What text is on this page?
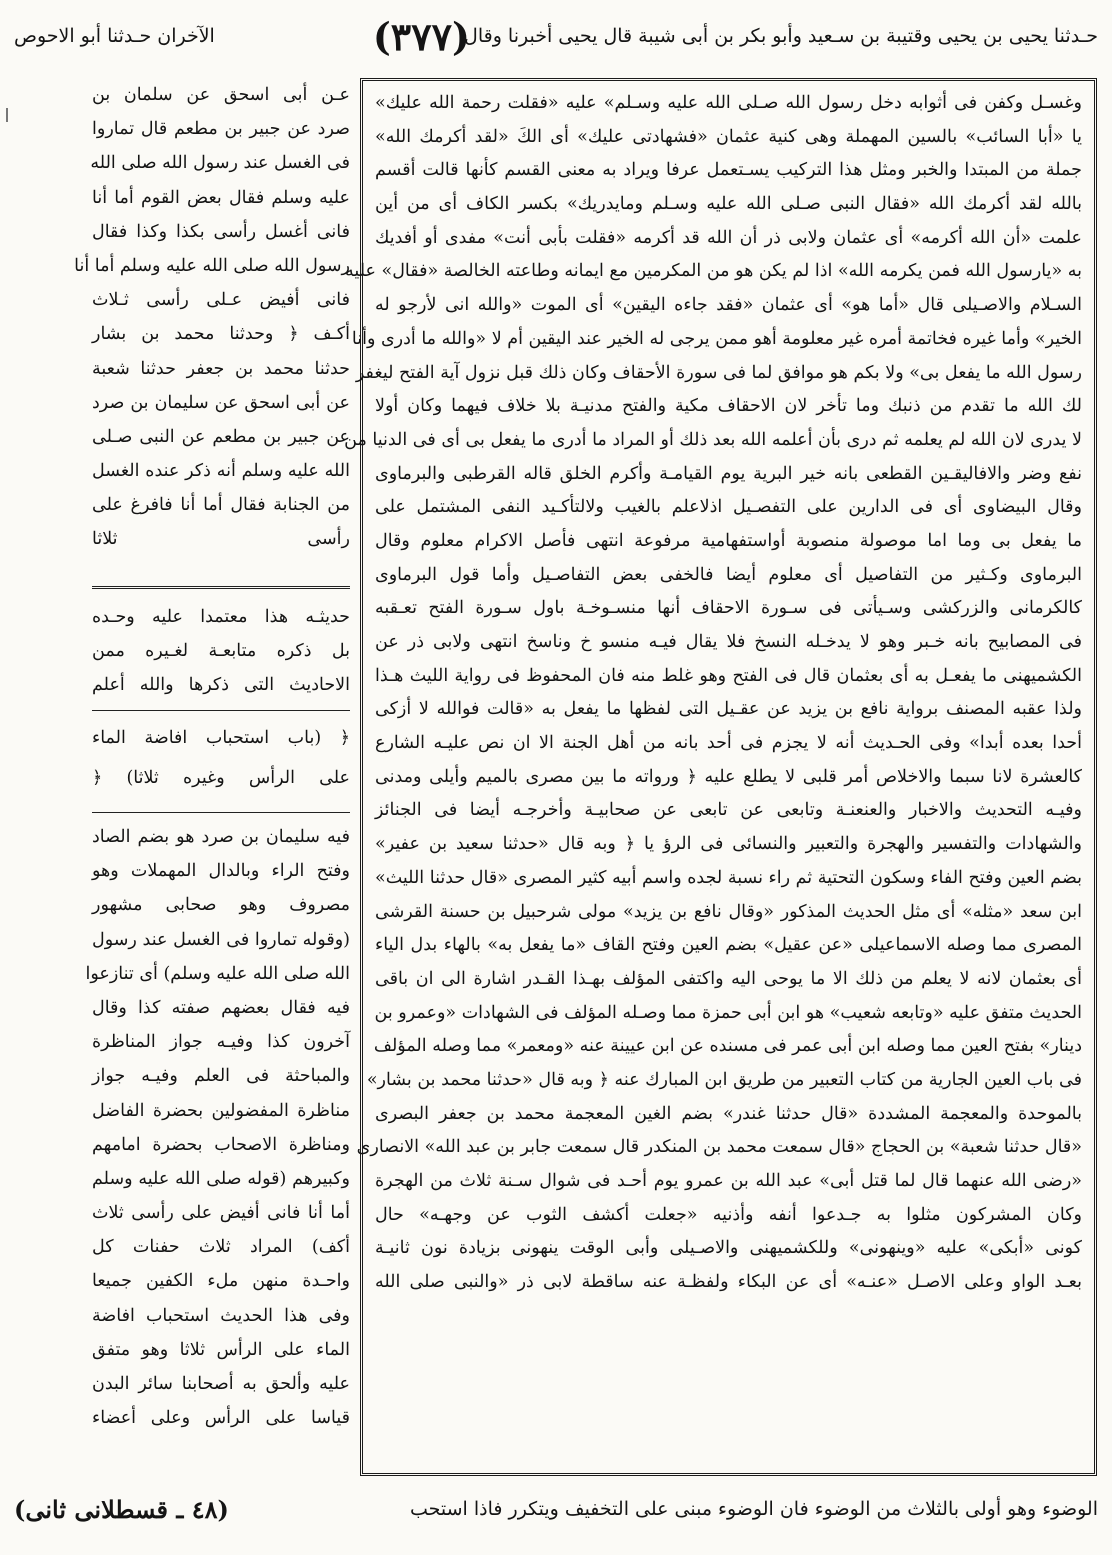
حـدثنا يحيى بن يحيى وقتيبة بن سـعيد وأبو بكر بن أبى شيبة قال يحيى أخبرنا وقال
(٣٧٧)
الآخران حـدثنا أبو الاحوص
وغسـل وكفن فى أثوابه دخل رسول الله صـلى الله عليه وسـلم» عليه «فقلت رحمة الله عليك»
يا «أبا السائب» بالسين المهملة وهى كنية عثمان «فشهادتى عليك» أى الكَ «لقد أكرمك الله»
جملة من المبتدا والخبر ومثل هذا التركيب يسـتعمل عرفا ويراد به معنى القسم كأنها قالت أقسم
بالله لقد أكرمك الله «فقال النبى صـلى الله عليه وسـلم ومايدريك» بكسر الكاف أى من أين
علمت «أن الله أكرمه» أى عثمان ولابى ذر أن الله قد أكرمه «فقلت بأبى أنت» مفدى أو أفديك
به «يارسول الله فمن يكرمه الله» اذا لم يكن هو من المكرمين مع ايمانه وطاعته الخالصة «فقال» عليه
السـلام والاصـيلى قال «أما هو» أى عثمان «فقد جاءه اليقين» أى الموت «والله انى لأرجو له
الخير» وأما غيره فخاتمة أمره غير معلومة أهو ممن يرجى له الخير عند اليقين أم لا «والله ما أدرى وأنا
رسول الله ما يفعل بى» ولا بكم هو موافق لما فى سورة الأحقاف وكان ذلك قبل نزول آية الفتح ليغفر
لك الله ما تقدم من ذنبك وما تأخر لان الاحقاف مكية والفتح مدنيـة بلا خلاف فيهما وكان أولا
لا يدرى لان الله لم يعلمه ثم درى بأن أعلمه الله بعد ذلك أو المراد ما أدرى ما يفعل بى أى فى الدنيا من
نفع وضر والافاليقـين القطعى بانه خير البرية يوم القيامـة وأكرم الخلق قاله القرطبى والبرماوى
وقال البيضاوى أى فى الدارين على التفصـيل اذلاعلم بالغيب ولالتأكـيد النفى المشتمل على
ما يفعل بى وما اما موصولة منصوبة أواستفهامية مرفوعة انتهى فأصل الاكرام معلوم وقال
البرماوى وكـثير من التفاصيل أى معلوم أيضا فالخفى بعض التفاصـيل وأما قول البرماوى
كالكرمانى والزركشى وسـيأتى فى سـورة الاحقاف أنها منسـوخـة باول سـورة الفتح تعـقبه
فى المصابيح بانه خـبر وهو لا يدخـله النسخ فلا يقال فيـه منسو خ وناسخ انتهى ولابى ذر عن
الكشميهنى ما يفعـل به أى بعثمان قال فى الفتح وهو غلط منه فان المحفوظ فى رواية الليث هـذا
ولذا عقبه المصنف برواية نافع بن يزيد عن عقـيل التى لفظها ما يفعل به «قالت فوالله لا أزكى
أحدا بعده أبدا» وفى الحـديث أنه لا يجزم فى أحد بانه من أهل الجنة الا ان نص عليـه الشارع
كالعشرة لانا سبما والاخلاص أمر قلبى لا يطلع عليه ﴿ ورواته ما بين مصرى بالميم وأيلى ومدنى
وفيـه التحديث والاخبار والعنعنـة وتابعى عن تابعى عن صحابيـة وأخرجـه أيضا فى الجنائز
والشهادات والتفسير والهجرة والتعبير والنسائى فى الرؤ يا ﴿ وبه قال «حدثنا سعيد بن عفير»
بضم العين وفتح الفاء وسكون التحتية ثم راء نسبة لجده واسم أبيه كثير المصرى «قال حدثنا الليث»
ابن سعد «مثله» أى مثل الحديث المذكور «وقال نافع بن يزيد» مولى شرحبيل بن حسنة القرشى
المصرى مما وصله الاسماعيلى «عن عقيل» بضم العين وفتح القاف «ما يفعل به» بالهاء بدل الياء
أى بعثمان لانه لا يعلم من ذلك الا ما يوحى اليه واكتفى المؤلف بهـذا القـدر اشارة الى ان باقى
الحديث متفق عليه «وتابعه شعيب» هو ابن أبى حمزة مما وصـله المؤلف فى الشهادات «وعمرو بن
دينار» بفتح العين مما وصله ابن أبى عمر فى مسنده عن ابن عيينة عنه «ومعمر» مما وصله المؤلف
فى باب العين الجارية من كتاب التعبير من طريق ابن المبارك عنه ﴿ وبه قال «حدثنا محمد بن بشار»
بالموحدة والمعجمة المشددة «قال حدثنا غندر» بضم الغين المعجمة محمد بن جعفر البصرى
«قال حدثنا شعبة» بن الحجاج «قال سمعت محمد بن المنكدر قال سمعت جابر بن عبد الله» الانصارى
«رضى الله عنهما قال لما قتل أبى» عبد الله بن عمرو يوم أحـد فى شوال سـنة ثلاث من الهجرة
وكان المشركون مثلوا به جـدعوا أنفه وأذنيه «جعلت أكشف الثوب عن وجهـه» حال
كونى «أبكى» عليه «وينهونى» وللكشميهنى والاصـيلى وأبى الوقت ينهونى بزيادة نون ثانيـة
بعـد الواو وعلى الاصـل «عنـه» أى عن البكاء ولفظـة عنه ساقطة لابى ذر «والنبى صلى الله
عـن أبى اسحق عن سلمان بن
صرد عن جبير بن مطعم قال تماروا
فى الغسل عند رسول الله صلى الله
عليه وسلم فقال بعض القوم أما أنا
فانى أغسل رأسى بكذا وكذا فقال
رسول الله صلى الله عليه وسلم أما أنا
فانى أفيض عـلى رأسى ثـلاث
أكـف ﴿ وحدثنا محمد بن بشار
حدثنا محمد بن جعفر حدثنا شعبة
عن أبى اسحق عن سليمان بن صرد
عن جبير بن مطعم عن النبى صـلى
الله عليه وسلم أنه ذكر عنده الغسل
من الجنابة فقال أما أنا فافرغ على
رأسى ثلاثا
حديثـه هذا معتمدا عليه وحـده
بل ذكره متابعـة لغـيره ممن
الاحاديث التى ذكرها والله أعلم
﴿ (باب استحباب افاضة الماء
على الرأس وغيره ثلاثا) ﴿
فيه سليمان بن صرد هو بضم الصاد
وفتح الراء وبالدال المهملات وهو
مصروف وهو صحابى مشهور
(وقوله تماروا فى الغسل عند رسول
الله صلى الله عليه وسلم) أى تنازعوا
فيه فقال بعضهم صفته كذا وقال
آخرون كذا وفيـه جواز المناظرة
والمباحثة فى العلم وفيـه جواز
مناظرة المفضولين بحضرة الفاضل
ومناظرة الاصحاب بحضرة امامهم
وكبيرهم (قوله صلى الله عليه وسلم
أما أنا فانى أفيض على رأسى ثلاث
أكف) المراد ثلاث حفنات كل
واحـدة منهن ملء الكفين جميعا
وفى هذا الحديث استحباب افاضة
الماء على الرأس ثلاثا وهو متفق
عليه وألحق به أصحابنا سائر البدن
قياسا على الرأس وعلى أعضاء
الوضوء وهو أولى بالثلاث من الوضوء فان الوضوء مبنى على التخفيف ويتكرر فاذا استحب
(٤٨ ـ قسطلانى ثانى)
